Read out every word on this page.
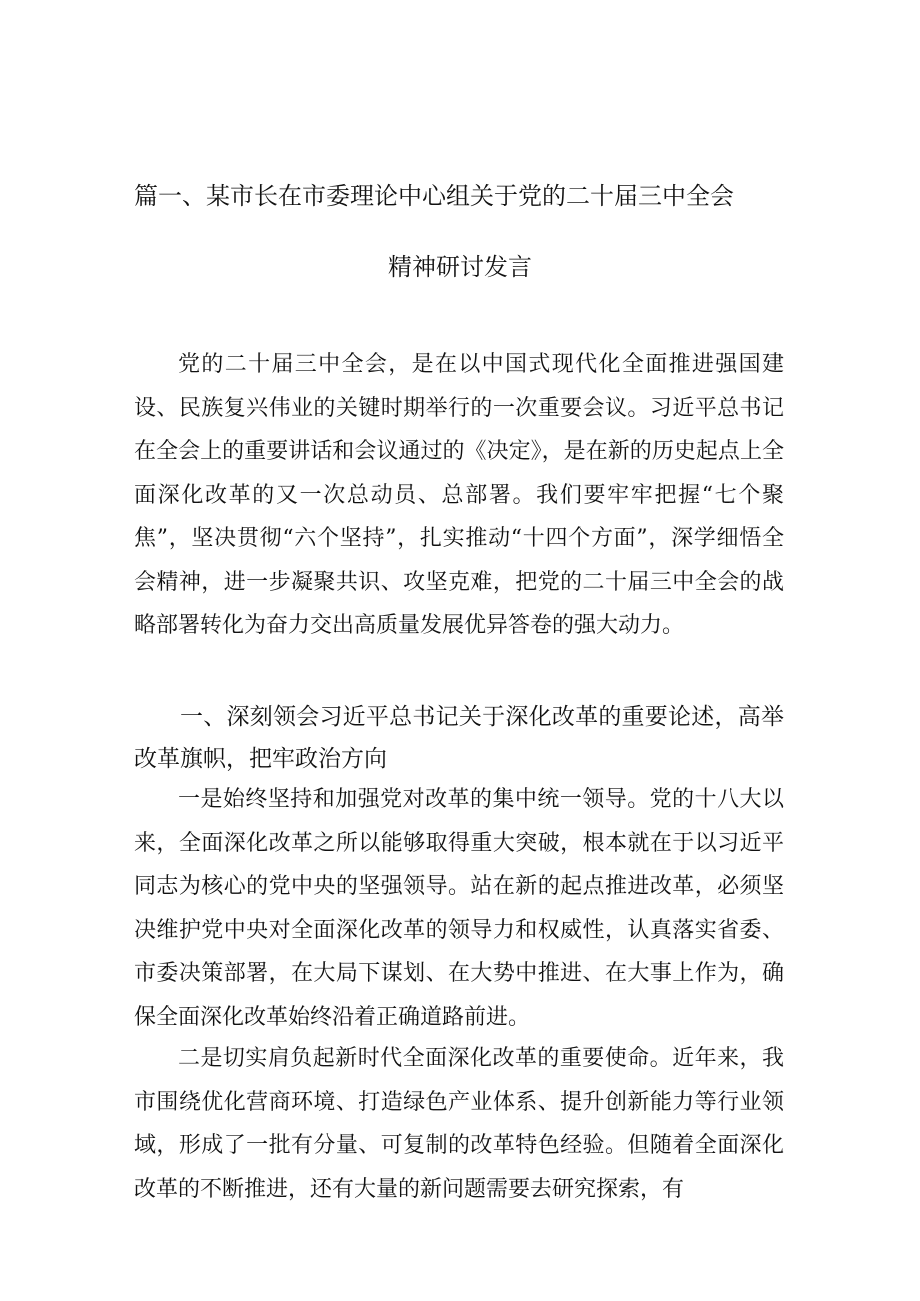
篇一、某市长在市委理论中心组关于党的二十届三中全会
精神研讨发言

党的二十届三中全会，是在以中国式现代化全面推进强国建设、民族复兴伟业的关键时期举行的一次重要会议。习近平总书记在全会上的重要讲话和会议通过的《决定》，是在新的历史起点上全面深化改革的又一次总动员、总部署。我们要牢牢把握“七个聚焦”，坚决贯彻“六个坚持”，扎实推动“十四个方面”，深学细悟全会精神，进一步凝聚共识、攻坚克难，把党的二十届三中全会的战略部署转化为奋力交出高质量发展优异答卷的强大动力。

一、深刻领会习近平总书记关于深化改革的重要论述，高举改革旗帜，把牢政治方向

一是始终坚持和加强党对改革的集中统一领导。党的十八大以来，全面深化改革之所以能够取得重大突破，根本就在于以习近平同志为核心的党中央的坚强领导。站在新的起点推进改革，必须坚决维护党中央对全面深化改革的领导力和权威性，认真落实省委、市委决策部署，在大局下谋划、在大势中推进、在大事上作为，确保全面深化改革始终沿着正确道路前进。

二是切实肩负起新时代全面深化改革的重要使命。近年来，我市围绕优化营商环境、打造绿色产业体系、提升创新能力等行业领域，形成了一批有分量、可复制的改革特色经验。但随着全面深化改革的不断推进，还有大量的新问题需要去研究探索，有
